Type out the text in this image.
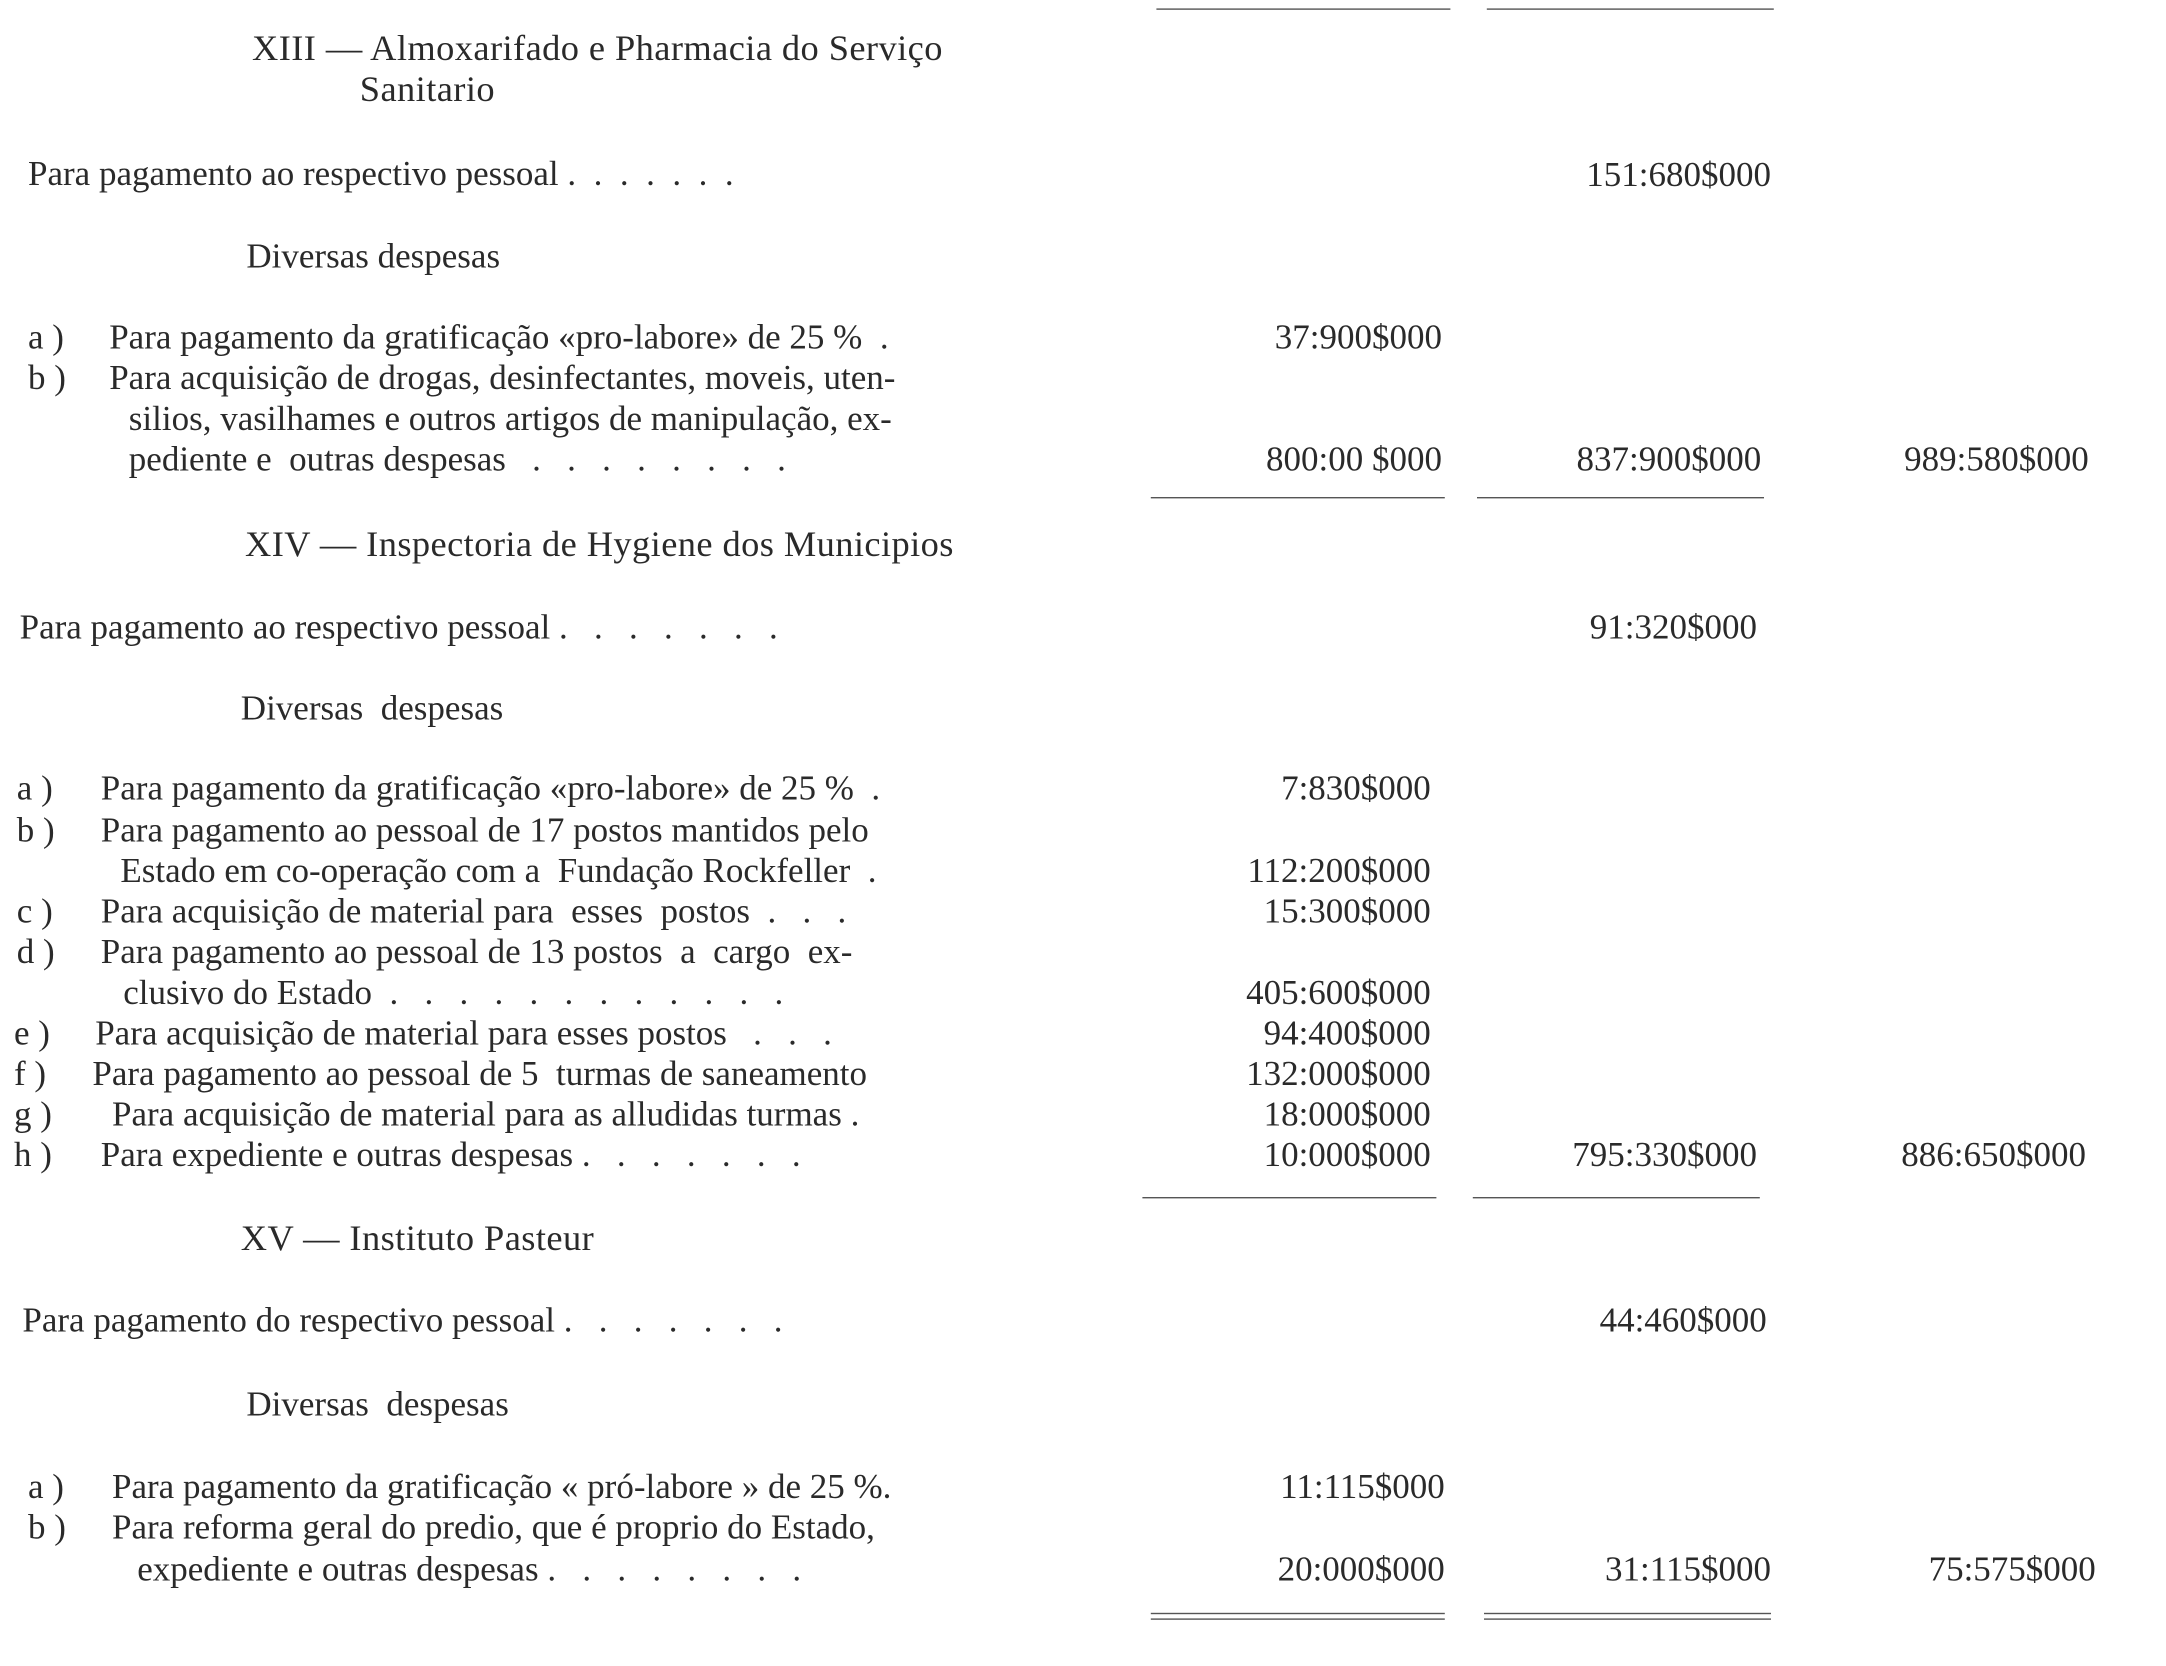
XIII — Almoxarifado e Pharmacia do Serviço
Sanitario
Para pagamento ao respectivo pessoal .  .  .  .  .  .  .	151:680$000
Diversas despesas
a ) Para pagamento da gratificação «pro-labore» de 25 %  .	37:900$000
b ) Para acquisição de drogas, desinfectantes, moveis, uten-
silios, vasilhames e outros artigos de manipulação, ex-
pediente e  outras despesas   .   .   .   .   .   .   .   .	800:00 $000	837:900$000	989:580$000
XIV — Inspectoria de Hygiene dos Municipios
Para pagamento ao respectivo pessoal .   .   .   .   .   .   .	91:320$000
Diversas  despesas
a ) Para pagamento da gratificação «pro-labore» de 25 %  .	7:830$000
b ) Para pagamento ao pessoal de 17 postos mantidos pelo
Estado em co-operação com a  Fundação Rockfeller  .	112:200$000
c ) Para acquisição de material para  esses  postos  .   .   .	15:300$000
d ) Para pagamento ao pessoal de 13 postos  a  cargo  ex-
clusivo do Estado  .   .   .   .   .   .   .   .   .   .   .   .	405:600$000
e ) Para acquisição de material para esses postos   .   .   .	94:400$000
f ) Para pagamento ao pessoal de 5  turmas de saneamento	132:000$000
g ) Para acquisição de material para as alludidas turmas .	18:000$000
h ) Para expediente e outras despesas .   .   .   .   .   .   .	10:000$000	795:330$000	886:650$000
XV — Instituto Pasteur
Para pagamento do respectivo pessoal .   .   .   .   .   .   .	44:460$000
Diversas  despesas
a ) Para pagamento da gratificação « pró-labore » de 25 %.	11:115$000
b ) Para reforma geral do predio, que é proprio do Estado,
expediente e outras despesas .   .   .   .   .   .   .   .	20:000$000	31:115$000	75:575$000
